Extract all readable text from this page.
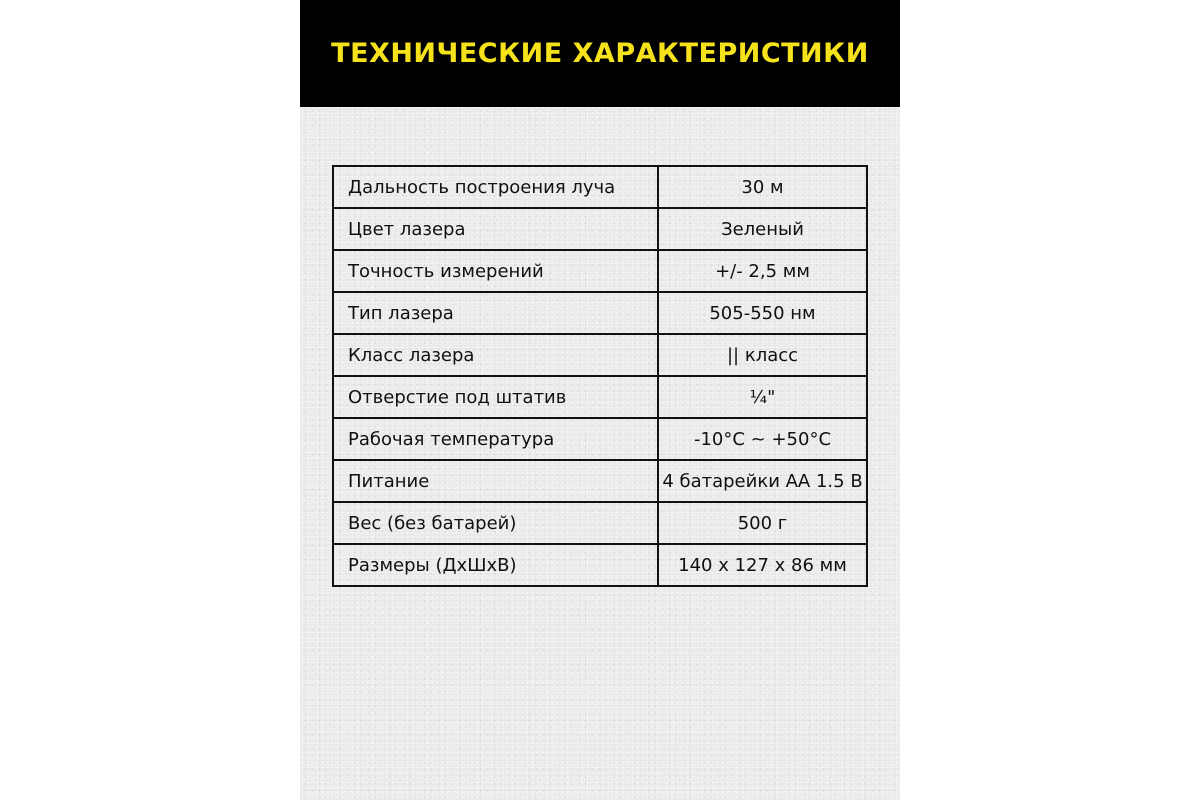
ТЕХНИЧЕСКИЕ ХАРАКТЕРИСТИКИ
Дальность построения луча	30 м
Цвет лазера	Зеленый
Точность измерений	+/- 2,5 мм
Тип лазера	505-550 нм
Класс лазера	|| класс
Отверстие под штатив	¼"
Рабочая температура	-10°C ~ +50°C
Питание	4 батарейки АА 1.5 В
Вес (без батарей)	500 г
Размеры (ДхШхВ)	140 х 127 х 86 мм
